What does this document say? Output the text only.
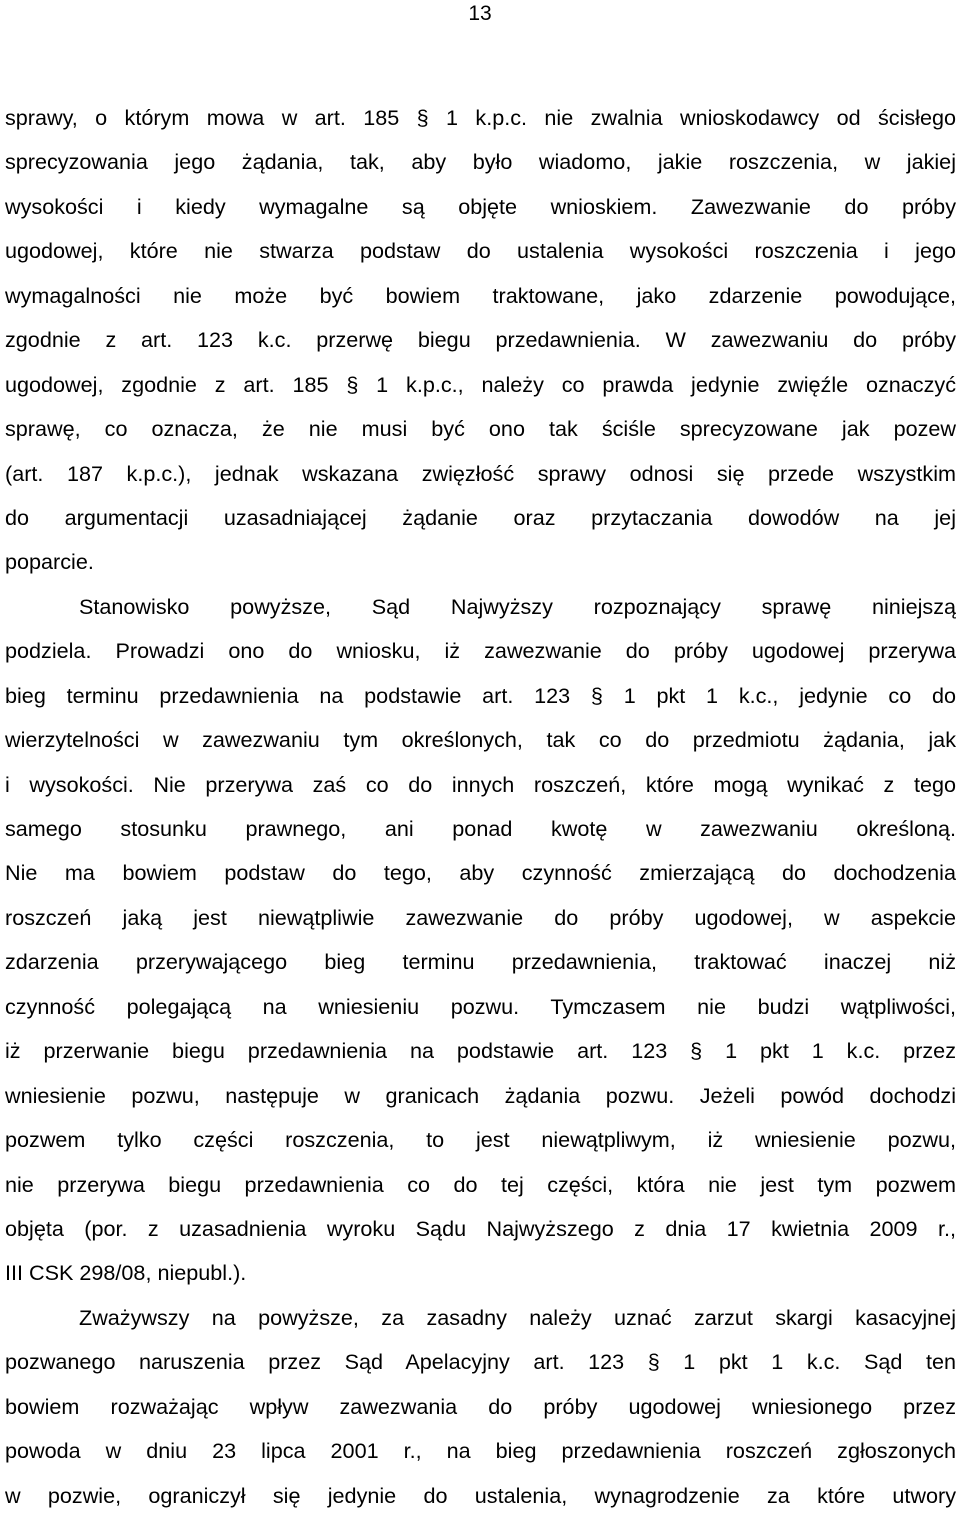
13
sprawy, o którym mowa w art. 185 § 1 k.p.c. nie zwalnia wnioskodawcy od ścisłego
sprecyzowania jego żądania, tak, aby było wiadomo, jakie roszczenia, w jakiej
wysokości i kiedy wymagalne są objęte wnioskiem. Zawezwanie do próby
ugodowej, które nie stwarza podstaw do ustalenia wysokości roszczenia i jego
wymagalności nie może być bowiem traktowane, jako zdarzenie powodujące,
zgodnie z art. 123 k.c. przerwę biegu przedawnienia. W zawezwaniu do próby
ugodowej, zgodnie z art. 185 § 1 k.p.c., należy co prawda jedynie zwięźle oznaczyć
sprawę, co oznacza, że nie musi być ono tak ściśle sprecyzowane jak pozew
(art. 187 k.p.c.), jednak wskazana zwięzłość sprawy odnosi się przede wszystkim
do argumentacji uzasadniającej żądanie oraz przytaczania dowodów na jej
poparcie.
Stanowisko powyższe, Sąd Najwyższy rozpoznający sprawę niniejszą
podziela. Prowadzi ono do wniosku, iż zawezwanie do próby ugodowej przerywa
bieg terminu przedawnienia na podstawie art. 123 § 1 pkt 1 k.c., jedynie co do
wierzytelności w zawezwaniu tym określonych, tak co do przedmiotu żądania, jak
i wysokości. Nie przerywa zaś co do innych roszczeń, które mogą wynikać z tego
samego stosunku prawnego, ani ponad kwotę w zawezwaniu określoną.
Nie ma bowiem podstaw do tego, aby czynność zmierzającą do dochodzenia
roszczeń jaką jest niewątpliwie zawezwanie do próby ugodowej, w aspekcie
zdarzenia przerywającego bieg terminu przedawnienia, traktować inaczej niż
czynność polegającą na wniesieniu pozwu. Tymczasem nie budzi wątpliwości,
iż przerwanie biegu przedawnienia na podstawie art. 123 § 1 pkt 1 k.c. przez
wniesienie pozwu, następuje w granicach żądania pozwu. Jeżeli powód dochodzi
pozwem tylko części roszczenia, to jest niewątpliwym, iż wniesienie pozwu,
nie przerywa biegu przedawnienia co do tej części, która nie jest tym pozwem
objęta (por. z uzasadnienia wyroku Sądu Najwyższego z dnia 17 kwietnia 2009 r.,
III CSK 298/08, niepubl.).
Zważywszy na powyższe, za zasadny należy uznać zarzut skargi kasacyjnej
pozwanego naruszenia przez Sąd Apelacyjny art. 123 § 1 pkt 1 k.c. Sąd ten
bowiem rozważając wpływ zawezwania do próby ugodowej wniesionego przez
powoda w dniu 23 lipca 2001 r., na bieg przedawnienia roszczeń zgłoszonych
w pozwie, ograniczył się jedynie do ustalenia, wynagrodzenie za które utwory
